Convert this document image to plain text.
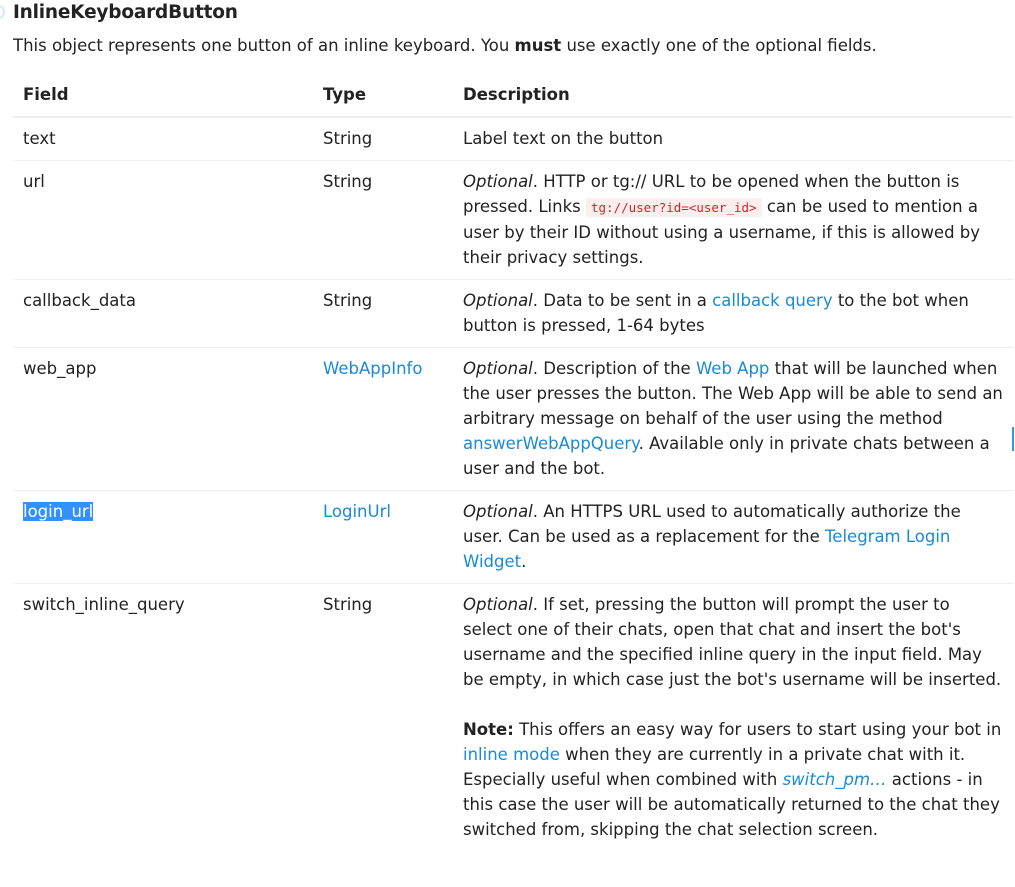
InlineKeyboardButton

This object represents one button of an inline keyboard. You must use exactly one of the optional fields.

Field	Type	Description
text	String	Label text on the button
url	String	Optional. HTTP or tg:// URL to be opened when the button is pressed. Links tg://user?id=<user_id> can be used to mention a user by their ID without using a username, if this is allowed by their privacy settings.
callback_data	String	Optional. Data to be sent in a callback query to the bot when button is pressed, 1-64 bytes
web_app	WebAppInfo	Optional. Description of the Web App that will be launched when the user presses the button. The Web App will be able to send an arbitrary message on behalf of the user using the method answerWebAppQuery. Available only in private chats between a user and the bot.
login_url	LoginUrl	Optional. An HTTPS URL used to automatically authorize the user. Can be used as a replacement for the Telegram Login Widget.
switch_inline_query	String	Optional. If set, pressing the button will prompt the user to select one of their chats, open that chat and insert the bot's username and the specified inline query in the input field. May be empty, in which case just the bot's username will be inserted.

Note: This offers an easy way for users to start using your bot in inline mode when they are currently in a private chat with it. Especially useful when combined with switch_pm… actions - in this case the user will be automatically returned to the chat they switched from, skipping the chat selection screen.
